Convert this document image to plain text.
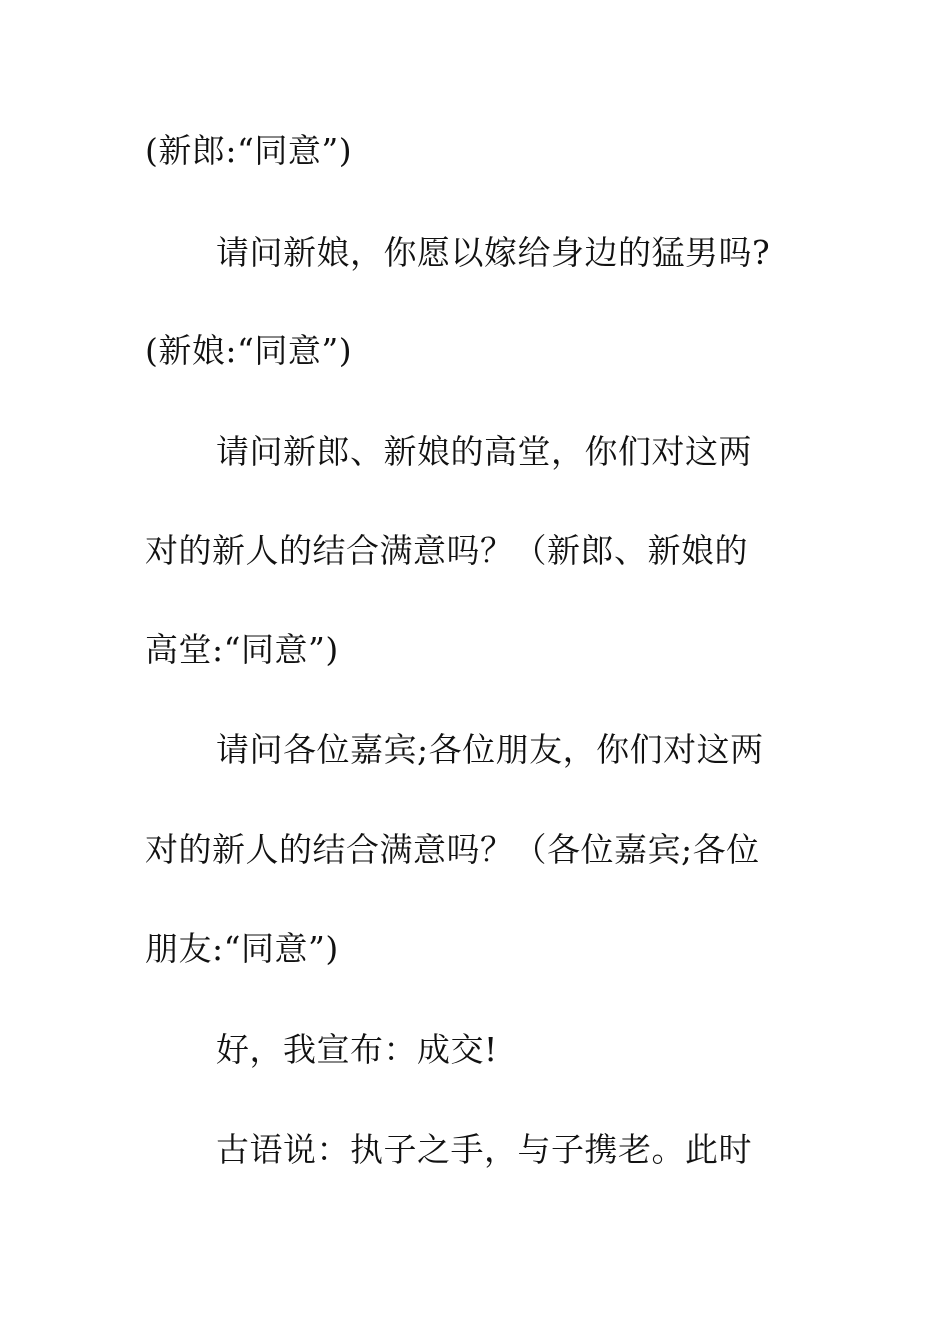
(新郎:“同意”)
请问新娘，你愿以嫁给身边的猛男吗?
(新娘:“同意”)
请问新郎、新娘的高堂，你们对这两
对的新人的结合满意吗？（新郎、新娘的
高堂:“同意”)
请问各位嘉宾;各位朋友，你们对这两
对的新人的结合满意吗？（各位嘉宾;各位
朋友:“同意”)
好，我宣布：成交!
古语说：执子之手，与子携老。此时
